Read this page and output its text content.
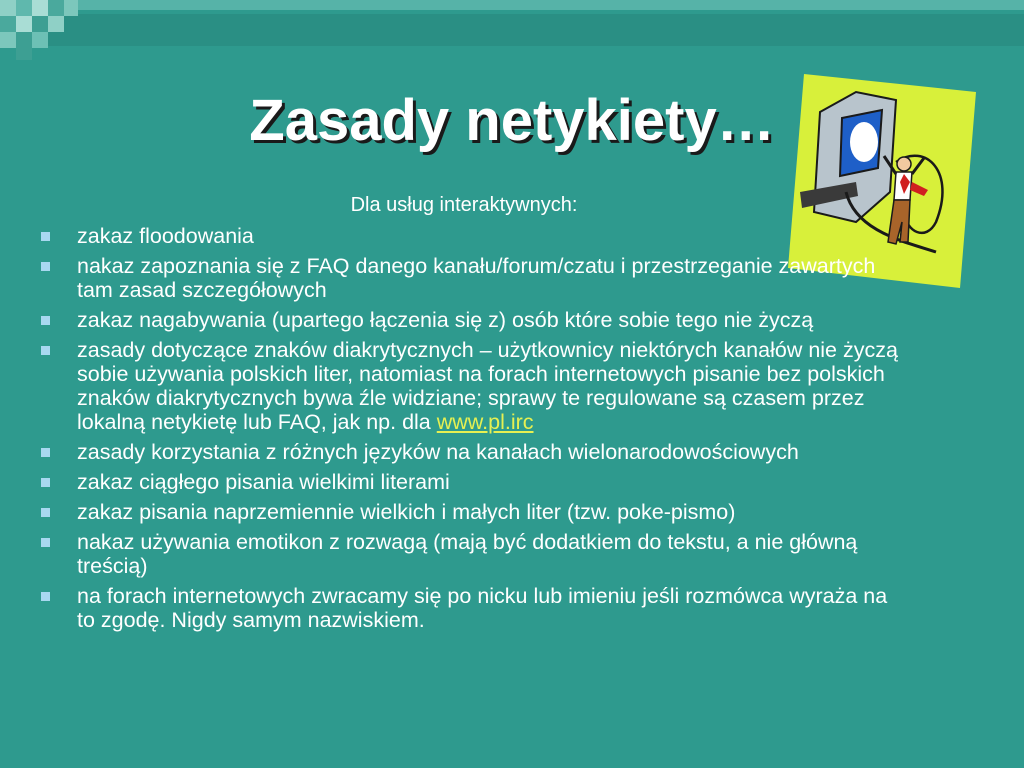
Zasady netykiety…

Dla usług interaktywnych:

zakaz floodowania
nakaz zapoznania się z FAQ danego kanału/forum/czatu i przestrzeganie zawartych tam zasad szczegółowych
zakaz nagabywania (upartego łączenia się z) osób które sobie tego nie życzą
zasady dotyczące znaków diakrytycznych – użytkownicy niektórych kanałów nie życzą sobie używania polskich liter, natomiast na forach internetowych pisanie bez polskich znaków diakrytycznych bywa źle widziane; sprawy te regulowane są czasem przez lokalną netykietę lub FAQ, jak np. dla www.pl.irc
zasady korzystania z różnych języków na kanałach wielonarodowościowych
zakaz ciągłego pisania wielkimi literami
zakaz pisania naprzemiennie wielkich i małych liter (tzw. poke-pismo)
nakaz używania emotikon z rozwagą (mają być dodatkiem do tekstu, a nie główną treścią)
na forach internetowych zwracamy się po nicku lub imieniu jeśli rozmówca wyraża na to zgodę. Nigdy samym nazwiskiem.
